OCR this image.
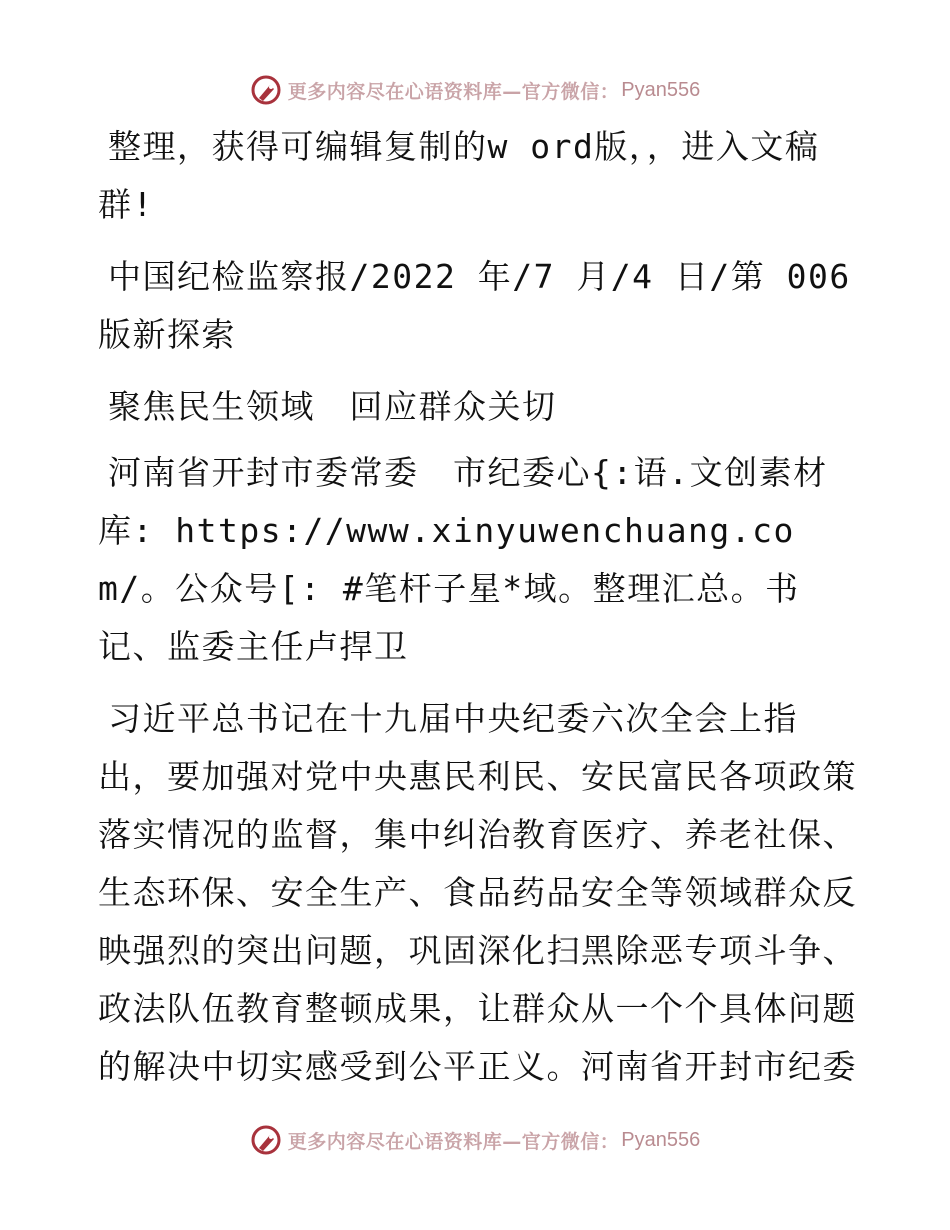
更多内容尽在心语资料库—官方微信： Pyan556

整理，获得可编辑复制的w ord版，，进入文稿群!

中国纪检监察报/2022 年/7 月/4 日/第 006 版新探索

聚焦民生领域　回应群众关切

河南省开封市委常委　市纪委心{:语.文创素材库: https://www.xinyuwenchuang.com/。公众号[: #笔杆子星*域。整理汇总。书记、监委主任卢捍卫

习近平总书记在十九届中央纪委六次全会上指出，要加强对党中央惠民利民、安民富民各项政策落实情况的监督，集中纠治教育医疗、养老社保、生态环保、安全生产、食品药品安全等领域群众反映强烈的突出问题，巩固深化扫黑除恶专项斗争、政法队伍教育整顿成果，让群众从一个个具体问题的解决中切实感受到公平正义。河南省开封市纪委

更多内容尽在心语资料库—官方微信： Pyan556
